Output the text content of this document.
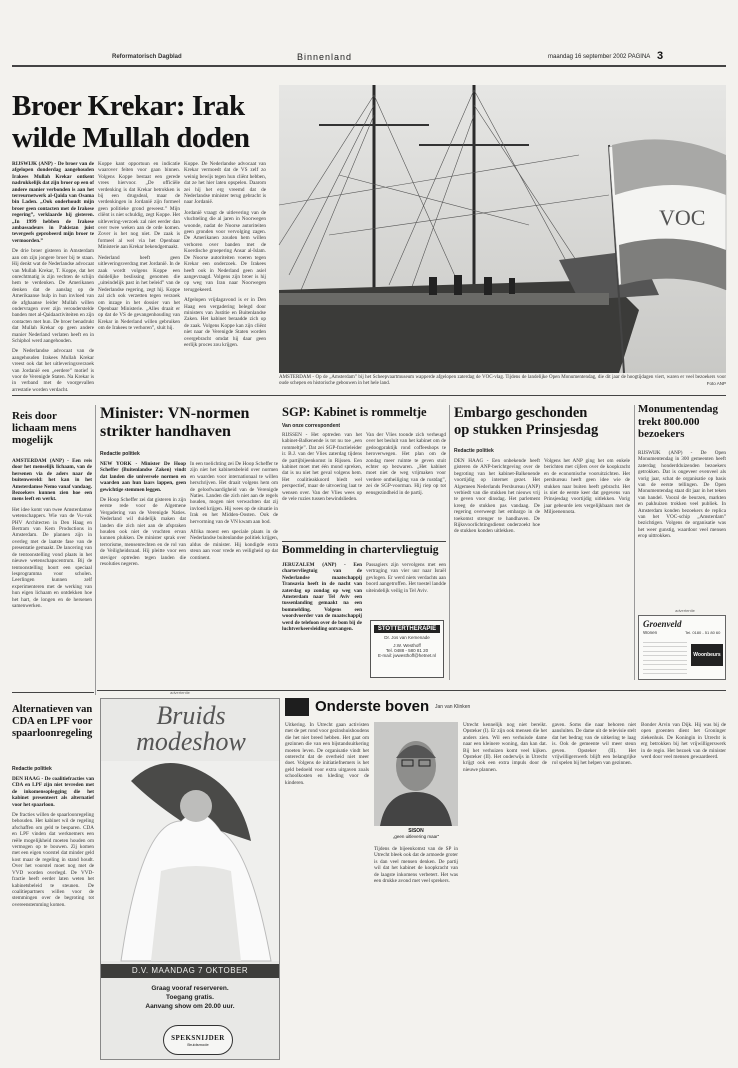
Reformatorisch Dagblad	Binnenland	maandag 16 september 2002 PAGINA 3
Broer Krekar: Irak
wilde Mullah doden

RIJSWIJK (ANP) - De broer van de afgelopen donderdag aangehouden Irakees Mullah Krekar ontkent nadrukkelijk dat zijn broer op een of andere manier verbonden is aan het terreurnetwerk al-Qaida van Osama bin Laden. „Ook onderhoudt mijn broer geen contacten met de Irakese regering”, verklaarde hij gisteren. „In 1999 hebben de Irakese ambassadeurs in Pakistan juist tevergeefs geprobeerd mijn broer te vermoorden.”

De drie broer gisteren in Amsterdam aan om zijn jongere broer bij te staan. Hij denkt wat de Nederlandse advocaat van Mullah Krekar, T. Koppe, dat het onrechtmatig is zijn vechten de schijn hem te verdenken. De Amerikanen denken dat de aanslag op de Amerikaanse hulp in hun invloed van de afghaanse leider Mullah willen ondervragen over zijn veronderstelde banden met al-Qaidaactiviteiten en zijn contacten met hun. De broer benadrukt dat Mullah Krekar op geen andere manier Nederland verlaten heeft en in Schiphol werd aangehouden.

De Nederlandse advocaat van de aangehouden Irakees Mullah Krekar vreest ook dat het uitleveringsverzoek van Jordanië een „eerdere” motief is voor de Verenigde Staten. Na Krekar is in verband met de voorgevallen arrestatie worden verdacht.

Koppe kant opportuun en indicatie waarover feiten voor gaan binnen. Volgens Koppe bestaat een gerede vrees hiervoor. „De officiële verdenking is dat Krekar betrokken is bij een drugsdeal, maar de verdenkingen in Jordanië zijn formeel geen politieke grond geweest.” Mijn cliënt is niet schuldig, zegt Koppe. Het uitlevering-verzoek zal niet eerder dan over twee weken aan de orde komen. Zover is het nog niet. De zaak is formeel al wel via het Openbaar Ministerie aan Krekar bekendgemaakt.

Nederland heeft geen uitleveringsverdrag met Jordanië. In de zaak wordt volgens Koppe een duidelijke beslissing genomen die „uiteindelijk past in het beleid” van de Nederlandse regering, zegt hij. Koppe zal zich ook verzetten tegen verzoek om inzage in het dossier van het Openbaar Ministerie. „Alles draait er op dat de VS de gevangenhouding van Krekar in Nederland willen gebruiken om de Irakees te verhoren”, sluit hij.

Koppe. De Nederlandse advocaat van Krekar vermoedt dat de VS zelf zo weinig bewijs tegen hun cliënt hebben, dat ze het hier laten opspelen. Daarom zei hij het erg vreemd dat de Nederlandse minister terug gebracht is naar Jordanië.

Jordanië vraagt de uitlevering van de vluchteling die al jaren in Noorwegen woonde, nadat de Noorse autoriteiten geen gronden voor vervolging zagen. De Amerikanen zouden hem willen verhoren over banden met de Koerdische groepering Ansar al-Islam. De Noorse autoriteiten voeren tegen Krekar een onderzoek. De Irakees heeft ook in Nederland geen asiel aangevraagd. Volgens zijn broer is hij op weg van Iran naar Noorwegen teruggekeerd.

Afgelopen vrijdagavond is er in Den Haag een vergadering belegd door ministers van Justitie en Buitenlandse Zaken. Het kabinet beraadde zich op de zaak. Volgens Koppe kan zijn cliënt niet naar de Verenigde Staten worden overgebracht omdat hij daar geen eerlijk proces zou krijgen.

VOC
AMSTERDAM - Op de „Amsterdam” bij het Scheepvaartmuseum wapperde afgelopen zaterdag de VOC-vlag. Tijdens de landelijke Open Monumentendag, die dit jaar de hoogtijdagen viert, waren er veel bezoekers voor oude schepen en historische gebouwen in het hele land.	Foto ANP
Reis door lichaam mens mogelijk

AMSTERDAM (ANP) - Een reis door het menselijk lichaam, van de hersenen via de aders naar de buitenwereld: het kan in het Amsterdamse Nemo vanaf vandaag. Bezoekers kunnen zien hoe een mens leeft en werkt.

Het idee komt van twee Amsterdamse wetenschappers. Wie van de Vu-vak PHV Architecten in Den Haag en Bertram van Kem Productions in Amsterdam. De plannen zijn in overleg met de laatste fase van de presentatie gemaakt. De lancering van de tentoonstelling vond plaats in het nieuwe wetenschapscentrum. Bij de tentoonstelling hoort een speciaal lesprogramma voor scholen. Leerlingen kunnen zelf experimenteren met de werking van hun eigen lichaam en ontdekken hoe het hart, de longen en de hersenen samenwerken.

Minister: VN-normen
strikter handhaven
Redactie politiek

NEW YORK - Minister De Hoop Scheffer (Buitenlandse Zaken) vindt dat landen die universele normen en waarden aan hun laars lappen, geen gewichtige stemmen leggen.

De Hoop Scheffer zei dat gisteren in zijn eerste rede voor de Algemene Vergadering van de Verenigde Naties. Nederland wil duidelijk maken dat landen die zich niet aan de afspraken houden ook niet de vruchten ervan kunnen plukken. De minister sprak over terrorisme, mensenrechten en de rol van de Veiligheidsraad. Hij pleitte voor een steviger optreden tegen landen die resoluties negeren.

In een toelichting zei De Hoop Scheffer te zijn niet het kabinetsbeleid over normen en waarden voor internationaal te willen herschrijven. Het draait volgens hem om de geloofwaardigheid van de Verenigde Naties. Landen die zich niet aan de regels houden, mogen niet verwachten dat zij invloed krijgen. Hij wees op de situatie in Irak en het Midden-Oosten. Ook de hervorming van de VN kwam aan bod.

Afrika moest een speciale plaats in de Nederlandse buitenlandse politiek krijgen, aldus de minister. Hij kondigde extra steun aan voor vrede en veiligheid op dat continent.

SGP: Kabinet is rommeltje
Van onze correspondent

RIJSSEN - Het optreden van het kabinet-Balkenende is tot nu toe „een rommeltje”. Dat zei SGP-fractieleider ir. B.J. van der Vlies zaterdag tijdens de partijbijeenkomst in Rijssen. Een kabinet moet met één mond spreken, dat is nu niet het geval volgens hem. Het coalitieakkoord biedt wel perspectief, maar de uitvoering laat te wensen over. Van der Vlies wees op de vele ruzies tussen bewindslieden.

Van der Vlies toonde zich verheugd over het besluit van het kabinet om de gedoogpraktijk rond coffeeshops te heroverwegen. Het plan om de zondag meer ruimte te geven stuit echter op bezwaren. „Het kabinet moet niet de weg vrijmaken voor verdere ontheiliging van de rustdag”, zei de SGP-voorman. Hij riep op tot eensgezindheid in de partij.

Bommelding in chartervliegtuig

JERUZALEM (ANP) - Een chartervliegtuig van de Nederlandse maatschappij Transavia heeft in de nacht van zaterdag op zondag op weg van Amsterdam naar Tel Aviv een tussenlanding gemaakt na een bommelding. Volgens een woordvoerder van de maatschappij werd de telefoon over de bom bij de luchtverkeersleiding ontvangen.

Passagiers zijn vervolgens met een vertraging van vier uur naar Israël gevlogen. Er werd niets verdachts aan boord aangetroffen. Het toestel landde uiteindelijk veilig in Tel Aviv.

STOTTERTHERAPIE
Dr. Jos van Kemenade
J.W. Westhoff
Tel. 0488 - 580 81 20
E-mail: jwwesthoff@hetnet.nl
Embargo geschonden
op stukken Prinsjesdag
Redactie politiek

DEN HAAG - Een onbekende heeft gisteren de ANP-berichtgeving over de begroting van het kabinet-Balkenende voortijdig op internet gezet. Het Algemeen Nederlands Persbureau (ANP) verbiedt van die stukken het nieuws vrij te geven voor dinsdag. Het parlement kreeg de stukken pas vandaag. De regering overweegt het embargo in de toekomst strenger te handhaven. De Rijksvoorlichtingsdienst onderzoekt hoe de stukken konden uitlekken.

Volgens het ANP ging het om enkele berichten met cijfers over de koopkracht en de economische vooruitzichten. Het persbureau heeft geen idee wie de stukken naar buiten heeft gebracht. Het is niet de eerste keer dat gegevens van Prinsjesdag voortijdig uitlekken. Vorig jaar gebeurde iets vergelijkbaars met de Miljoenennota.

Monumentendag trekt 800.000 bezoekers

RIJSWIJK (ANP) - De Open Monumentendag in 300 gemeenten heeft zaterdag honderdduizenden bezoekers getrokken. Dat is ongeveer evenveel als vorig jaar, schat de organisatie op basis van de eerste tellingen. De Open Monumentendag staat dit jaar in het teken van handel. Vooral de beurzen, markten en pakhuizen trokken veel publiek. In Amsterdam konden bezoekers de replica van het VOC-schip „Amsterdam” bezichtigen. Volgens de organisatie was het weer gunstig, waardoor veel mensen erop uittrokken.

advertentie
Groenveld
Wonen	Tel. 0180 - 51 80 60
Woonbeurs
advertentie
Bruids
modeshow
D.V. MAANDAG 7 OKTOBER
Graag vooraf reserveren.
Toegang gratis.
Aanvang show om 20.00 uur.
SPEKSNIJDER
Bruidsmode
Alternatieven van CDA en LPF voor spaarloonregeling
Redactie politiek

DEN HAAG - De coalitiefracties van CDA en LPF zijn niet tevreden met de inkomensoplegging die het kabinet presenteert als alternatief voor het spaarloon.

De fracties willen de spaarloonregeling behouden. Het kabinet wil de regeling afschaffen om geld te besparen. CDA en LPF vinden dat werknemers een reële mogelijkheid moeten houden om vermogen op te bouwen. Zij komen met een eigen voorstel dat minder geld kost maar de regeling in stand houdt. Over het voorstel moet nog met de VVD worden overlegd. De VVD-fractie heeft eerder laten weten het kabinetsbeleid te steunen. De coalitiepartners willen voor de stemmingen over de begroting tot overeenstemming komen.

Onderste boven Jan van Klinken

Uitkering. In Utrecht gaan activisten met de pet rond voor gezinshuishoudens die het niet breed hebben. Het gaat om gezinnen die van een bijstandsuitkering moeten leven. De organisatie vindt het onterecht dat de overheid niet meer doet. Volgens de initiatiefnemers is het geld bedoeld voor extra uitgaven zoals schoolkosten en kleding voor de kinderen.

SISON
„geen uitlevering maar”

Tijdens de bijeenkomst van de SP in Utrecht bleek ook dat de armoede groter is dan veel mensen denken. De partij wil dat het kabinet de koopkracht van de laagste inkomens verbetert. Het was een drukke avond met veel sprekers.

Utrecht kennelijk nog niet bereikt. Opsteker (I). Er zijn ook mensen die het anders zien. Wil een verhuisde dame naar een kleinere woning, dan kan dat. Bij het verhuizen komt veel kijken. Opsteker (II). Het onderwijs in Utrecht krijgt ook een extra impuls door de nieuwe plannen.

gaven. Soms die naar behoren niet aansluiten. De dame uit de televisie stelt dat het bedrag van de uitkering te laag is. Ook de gemeente wil meer steun geven. Opsteker (II). Het vrijwilligerswerk blijft een belangrijke rol spelen bij het helpen van gezinnen.

Bonder Arvin van Dijk. Hij was bij de open groenten dient het Groninger ziekenhuis. De Koningin in Utrecht is erg betrokken bij het vrijwilligerswerk in de regio. Het bezoek van de minister werd door veel mensen gewaardeerd.
